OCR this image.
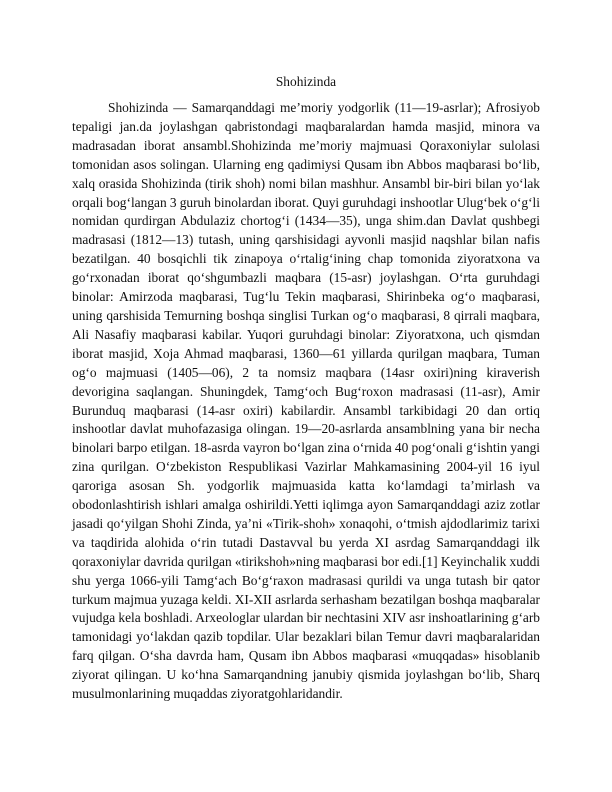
Shohizinda

Shohizinda — Samarqanddagi me’moriy yodgorlik (11—19-asrlar); Afrosiyob tepaligi jan.da joylashgan qabristondagi maqbaralardan hamda masjid, minora va madrasadan iborat ansambl.Shohizinda me’moriy majmuasi Qoraxoniylar sulolasi tomonidan asos solingan. Ularning eng qadimiysi Qusam ibn Abbos maqbarasi bo‘lib, xalq orasida Shohizinda (tirik shoh) nomi bilan mashhur. Ansambl bir-biri bilan yo‘lak orqali bog‘langan 3 guruh binolardan iborat. Quyi guruhdagi inshootlar Ulug‘bek o‘g‘li nomidan qurdirgan Abdulaziz chortog‘i (1434—35), unga shim.dan Davlat qushbegi madrasasi (1812—13) tutash, uning qarshisidagi ayvonli masjid naqshlar bilan nafis bezatilgan. 40 bosqichli tik zinapoya o‘rtalig‘ining chap tomonida ziyoratxona va go‘rxonadan iborat qo‘shgumbazli maqbara (15-asr) joylashgan. O‘rta guruhdagi binolar: Amirzoda maqbarasi, Tug‘lu Tekin maqbarasi, Shirinbeka og‘o maqbarasi, uning qarshisida Temurning boshqa singlisi Turkan og‘o maqbarasi, 8 qirrali maqbara, Ali Nasafiy maqbarasi kabilar. Yuqori guruhdagi binolar: Ziyoratxona, uch qismdan iborat masjid, Xoja Ahmad maqbarasi, 1360—61 yillarda qurilgan maqbara, Tuman og‘o majmuasi (1405—06), 2 ta nomsiz maqbara (14asr oxiri)ning kiraverish devorigina saqlangan. Shuningdek, Tamg‘och Bug‘roxon madrasasi (11-asr), Amir Burunduq maqbarasi (14-asr oxiri) kabilardir. Ansambl tarkibidagi 20 dan ortiq inshootlar davlat muhofazasiga olingan. 19—20-asrlarda ansamblning yana bir necha binolari barpo etilgan. 18-asrda vayron bo‘lgan zina o‘rnida 40 pog‘onali g‘ishtin yangi zina qurilgan. O‘zbekiston Respublikasi Vazirlar Mahkamasining 2004-yil 16 iyul qaroriga asosan Sh. yodgorlik majmuasida katta ko‘lamdagi ta’mirlash va obodonlashtirish ishlari amalga oshirildi.Yetti iqlimga ayon Samarqanddagi aziz zotlar jasadi qo‘yilgan Shohi Zinda, ya’ni «Tirik-shoh» xonaqohi, o‘tmish ajdodlarimiz tarixi va taqdirida alohida o‘rin tutadi Dastavval bu yerda XI asrdag Samarqanddagi ilk qoraxoniylar davrida qurilgan «tirikshoh»ning maqbarasi bor edi.[1] Keyinchalik xuddi shu yerga 1066-yili Tamg‘ach Bo‘g‘raxon madrasasi qurildi va unga tutash bir qator turkum majmua yuzaga keldi. XI-XII asrlarda serhasham bezatilgan boshqa maqbaralar vujudga kela boshladi. Arxeologlar ulardan bir nechtasini XIV asr inshoatlarining g‘arb tamonidagi yo‘lakdan qazib topdilar. Ular bezaklari bilan Temur davri maqbaralaridan farq qilgan. O‘sha davrda ham, Qusam ibn Abbos maqbarasi «muqqadas» hisoblanib ziyorat qilingan. U ko‘hna Samarqandning janubiy qismida joylashgan bo‘lib, Sharq musulmonlarining muqaddas ziyoratgohlaridandir.
